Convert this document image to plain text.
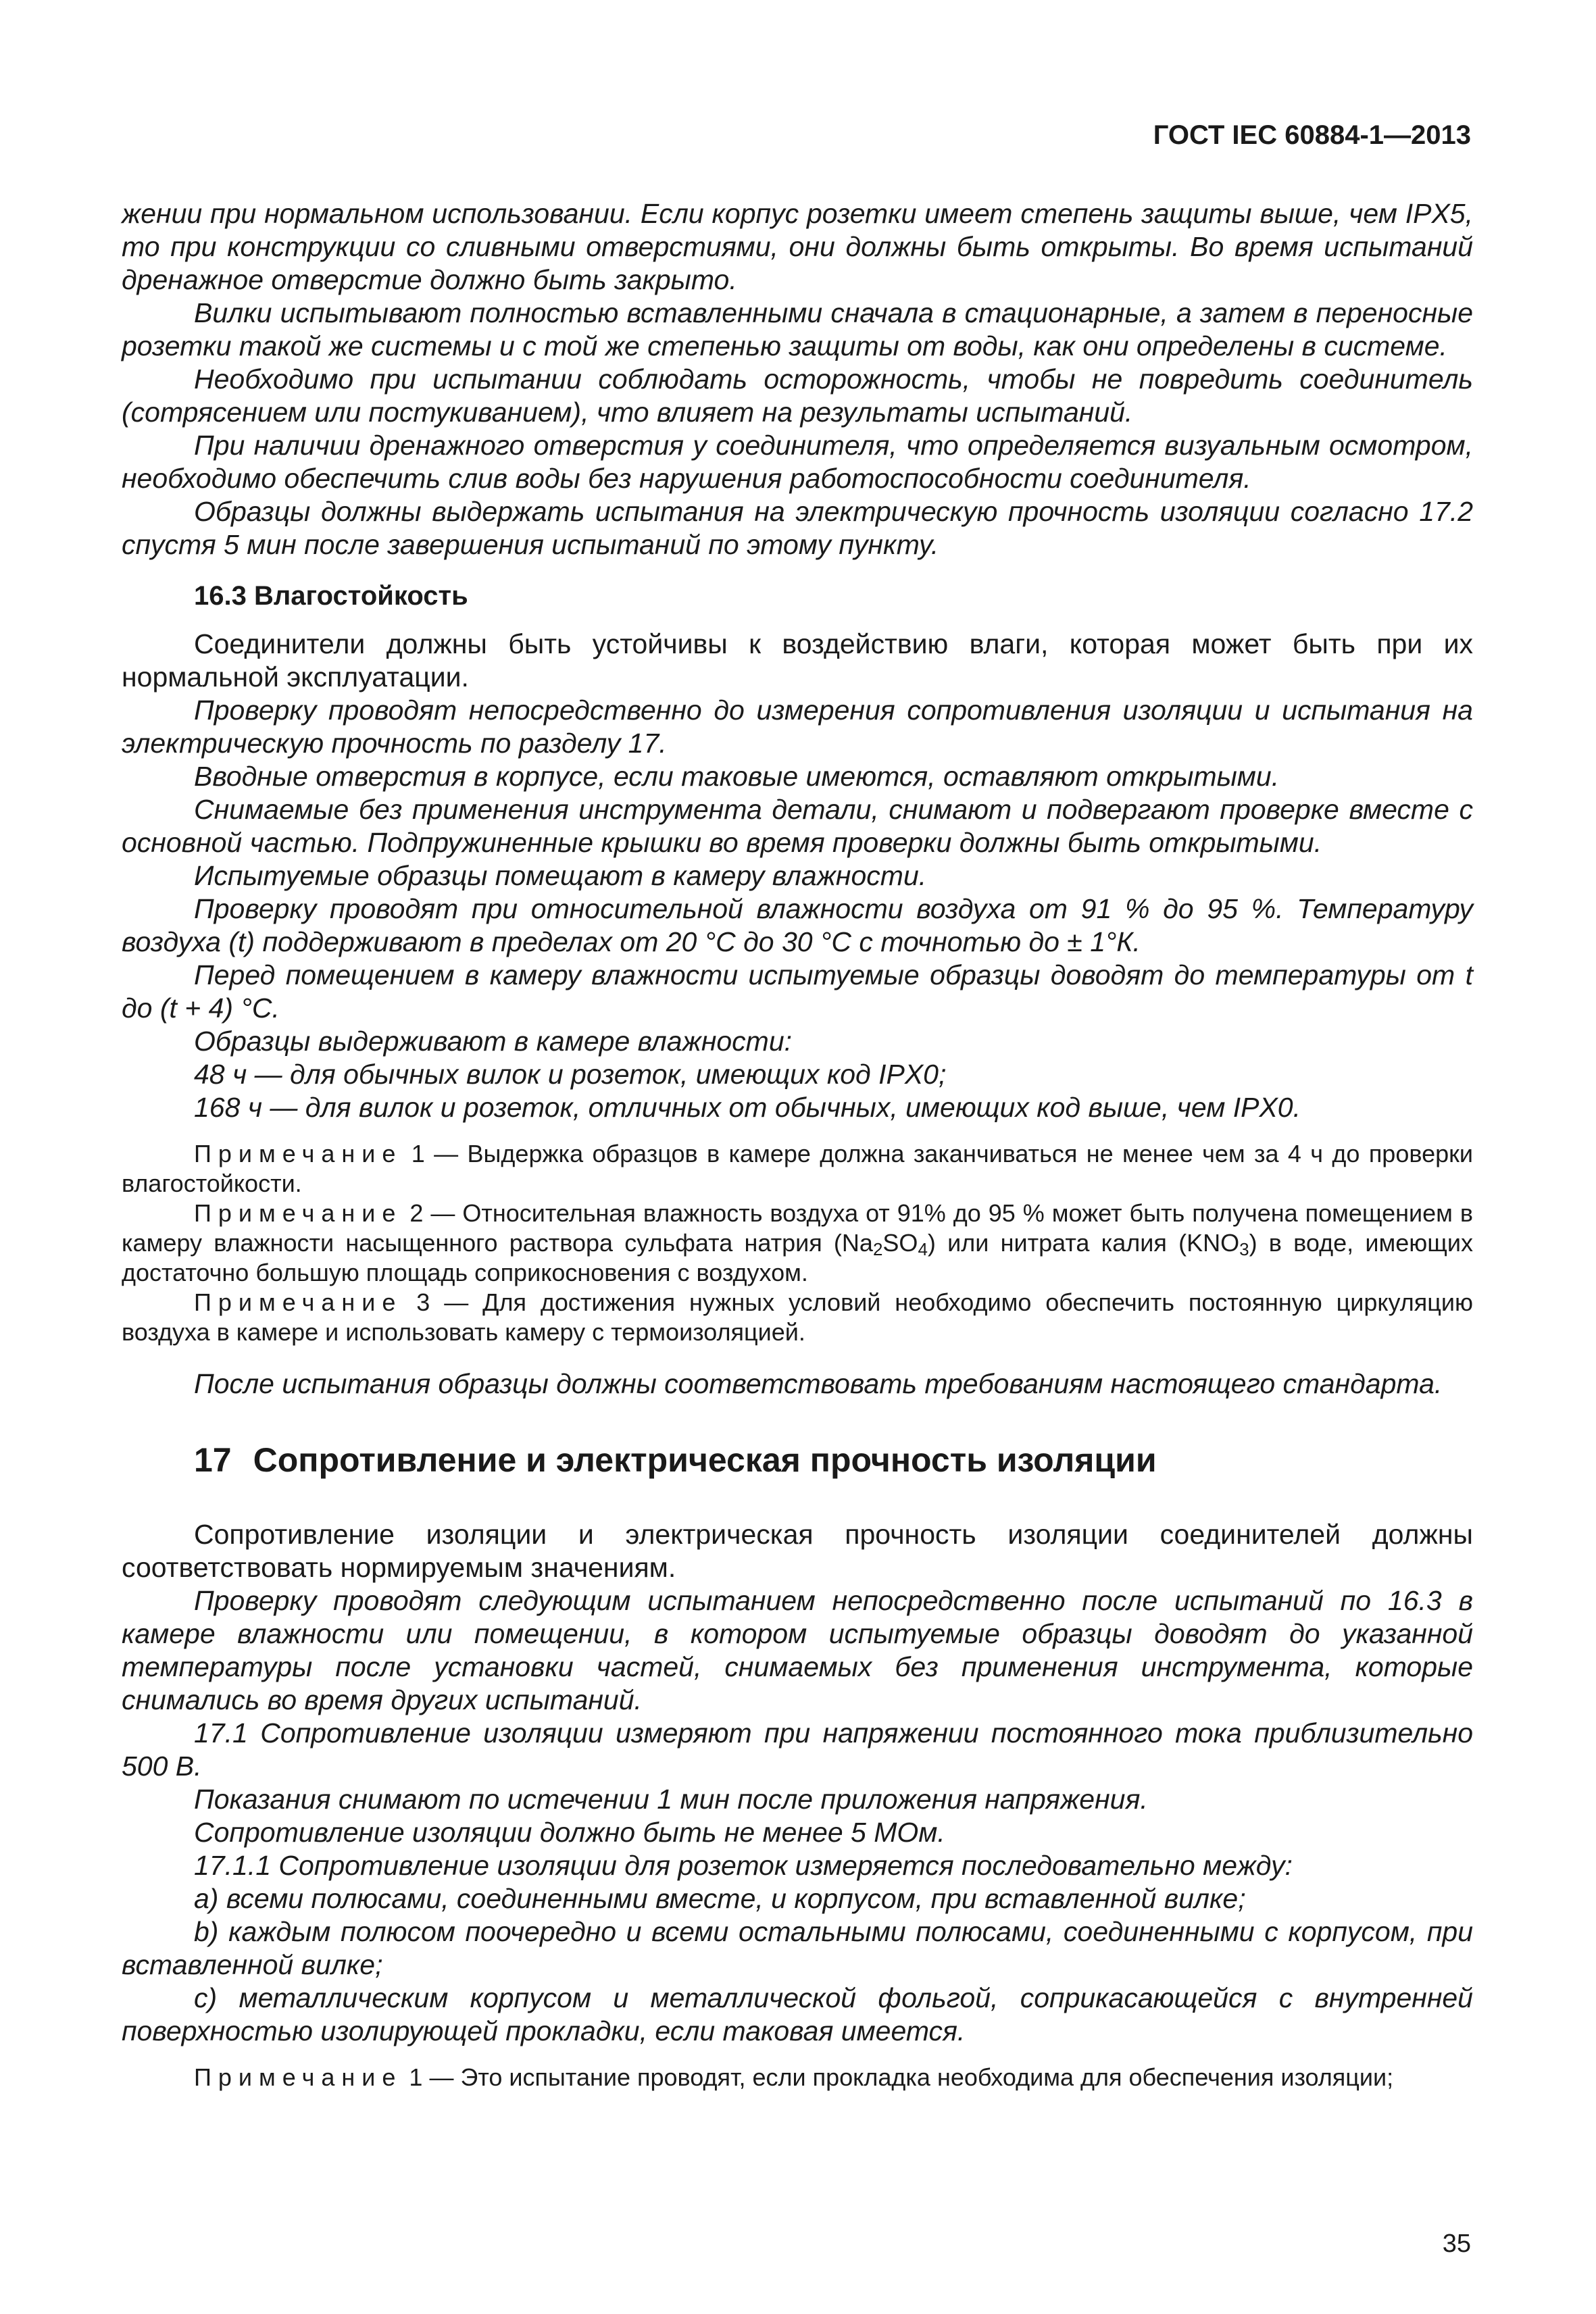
ГОСТ IEC 60884-1—2013

жении при нормальном использовании. Если корпус розетки имеет степень защиты выше, чем IPX5, то при конструкции со сливными отверстиями, они должны быть открыты. Во время испытаний дренажное отверстие должно быть закрыто.

Вилки испытывают полностью вставленными сначала в стационарные, а затем в переносные розетки такой же системы и с той же степенью защиты от воды, как они определены в системе.

Необходимо при испытании соблюдать осторожность, чтобы не повредить соединитель (сотрясением или постукиванием), что влияет на результаты испытаний.

При наличии дренажного отверстия у соединителя, что определяется визуальным осмотром, необходимо обеспечить слив воды без нарушения работоспособности соединителя.

Образцы должны выдержать испытания на электрическую прочность изоляции согласно 17.2 спустя 5 мин после завершения испытаний по этому пункту.

16.3 Влагостойкость

Соединители должны быть устойчивы к воздействию влаги, которая может быть при их нормальной эксплуатации.

Проверку проводят непосредственно до измерения сопротивления изоляции и испытания на электрическую прочность по разделу 17.

Вводные отверстия в корпусе, если таковые имеются, оставляют открытыми.

Снимаемые без применения инструмента детали, снимают и подвергают проверке вместе с основной частью. Подпружиненные крышки во время проверки должны быть открытыми.

Испытуемые образцы помещают в камеру влажности.

Проверку проводят при относительной влажности воздуха от 91 % до 95 %. Температуру воздуха (t) поддерживают в пределах от 20 °С до 30 °С с точнотью до ± 1°К.

Перед помещением в камеру влажности испытуемые образцы доводят до температуры от t до (t + 4) °С.

Образцы выдерживают в камере влажности:

48 ч — для обычных вилок и розеток, имеющих код IPX0;

168 ч — для вилок и розеток, отличных от обычных, имеющих код выше, чем IPX0.

Примечание 1 — Выдержка образцов в камере должна заканчиваться не менее чем за 4 ч до проверки влагостойкости.

Примечание 2 — Относительная влажность воздуха от 91% до 95 % может быть получена помещением в камеру влажности насыщенного раствора сульфата натрия $(Na_2SO_4)$ или нитрата калия $(KNO_3)$ в воде, имеющих достаточно большую площадь соприкосновения с воздухом.

Примечание 3 — Для достижения нужных условий необходимо обеспечить постоянную циркуляцию воздуха в камере и использовать камеру с термоизоляцией.

После испытания образцы должны соответствовать требованиям настоящего стандарта.

17 Сопротивление и электрическая прочность изоляции

Сопротивление изоляции и электрическая прочность изоляции соединителей должны соответствовать нормируемым значениям.

Проверку проводят следующим испытанием непосредственно после испытаний по 16.3 в камере влажности или помещении, в котором испытуемые образцы доводят до указанной температуры после установки частей, снимаемых без применения инструмента, которые снимались во время других испытаний.

17.1 Сопротивление изоляции измеряют при напряжении постоянного тока приблизительно 500 В.

Показания снимают по истечении 1 мин после приложения напряжения.

Сопротивление изоляции должно быть не менее 5 МОм.

17.1.1 Сопротивление изоляции для розеток измеряется последовательно между:

а) всеми полюсами, соединенными вместе, и корпусом, при вставленной вилке;

b) каждым полюсом поочередно и всеми остальными полюсами, соединенными с корпусом, при вставленной вилке;

c) металлическим корпусом и металлической фольгой, соприкасающейся с внутренней поверхностью изолирующей прокладки, если таковая имеется.

Примечание 1 — Это испытание проводят, если прокладка необходима для обеспечения изоляции;

35
